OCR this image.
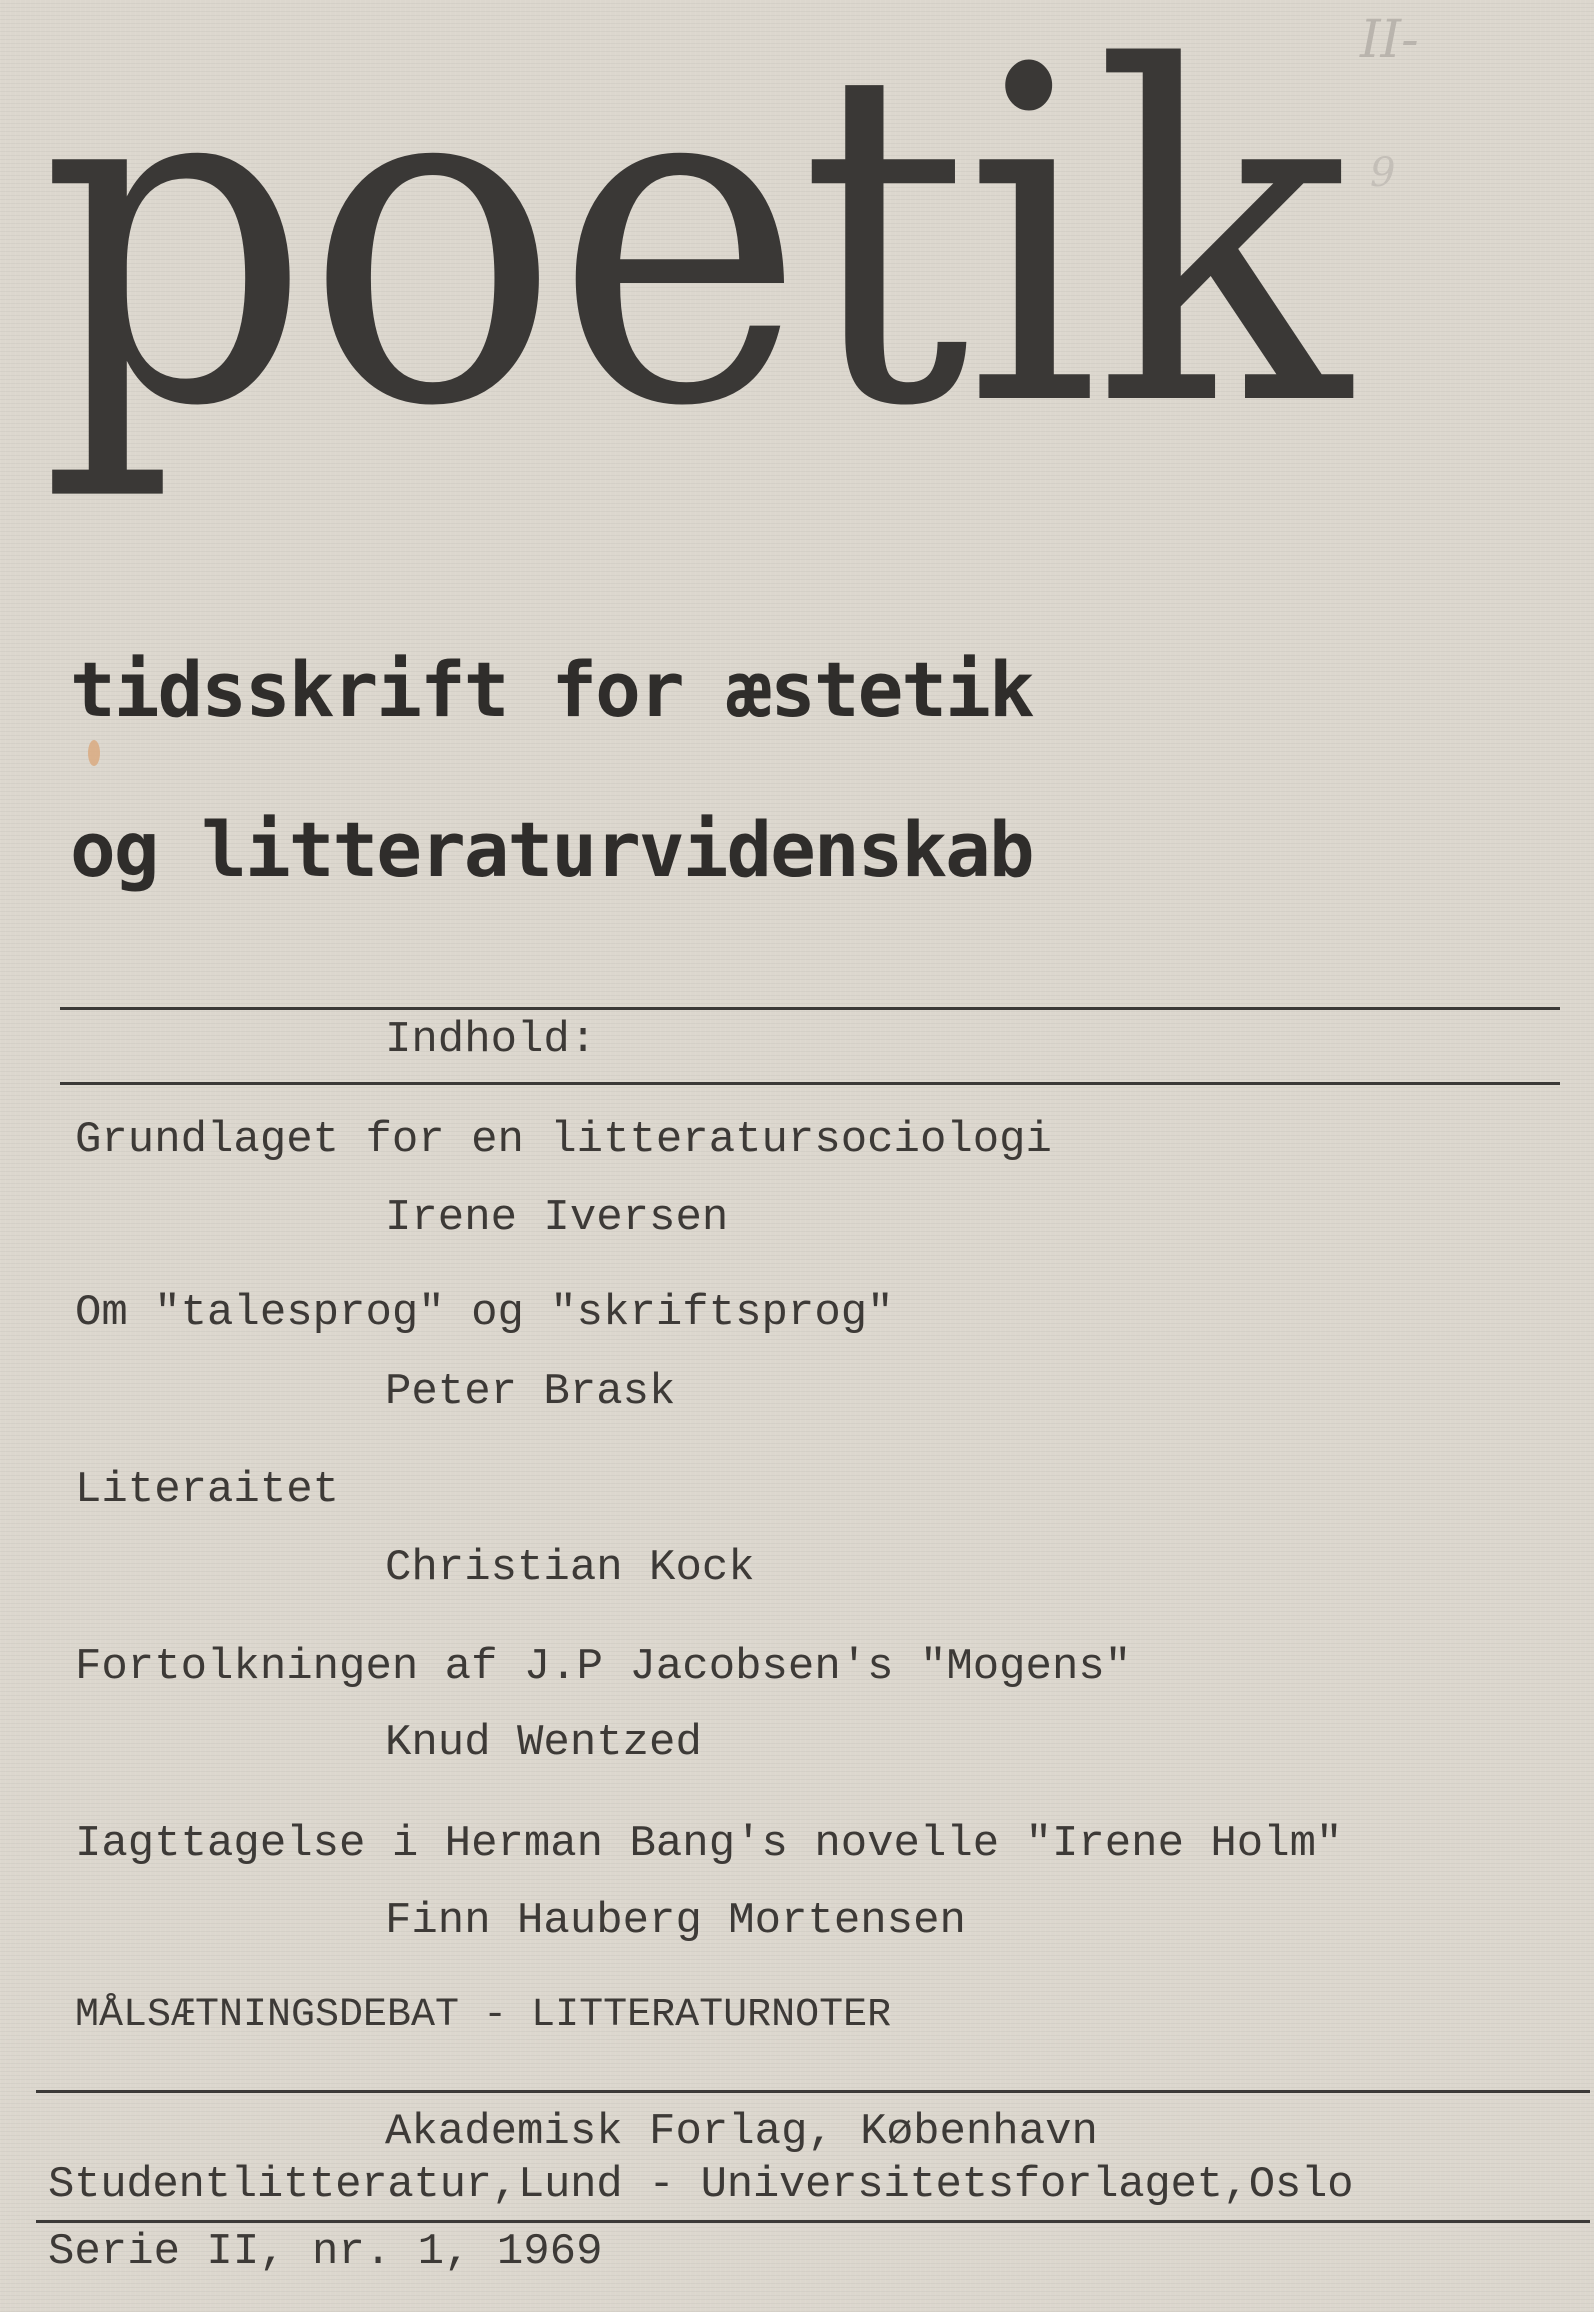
II-
9
poetik
tidsskrift for æstetik
og litteraturvidenskab
Indhold:
Grundlaget for en litteratursociologi
Irene Iversen
Om "talesprog" og "skriftsprog"
Peter Brask
Literaitet
Christian Kock
Fortolkningen af J.P Jacobsen's "Mogens"
Knud Wentzed
Iagttagelse i Herman Bang's novelle "Irene Holm"
Finn Hauberg Mortensen
MÅLSÆTNINGSDEBAT - LITTERATURNOTER
Akademisk Forlag, København
Studentlitteratur,Lund - Universitetsforlaget,Oslo
Serie II, nr. 1, 1969
